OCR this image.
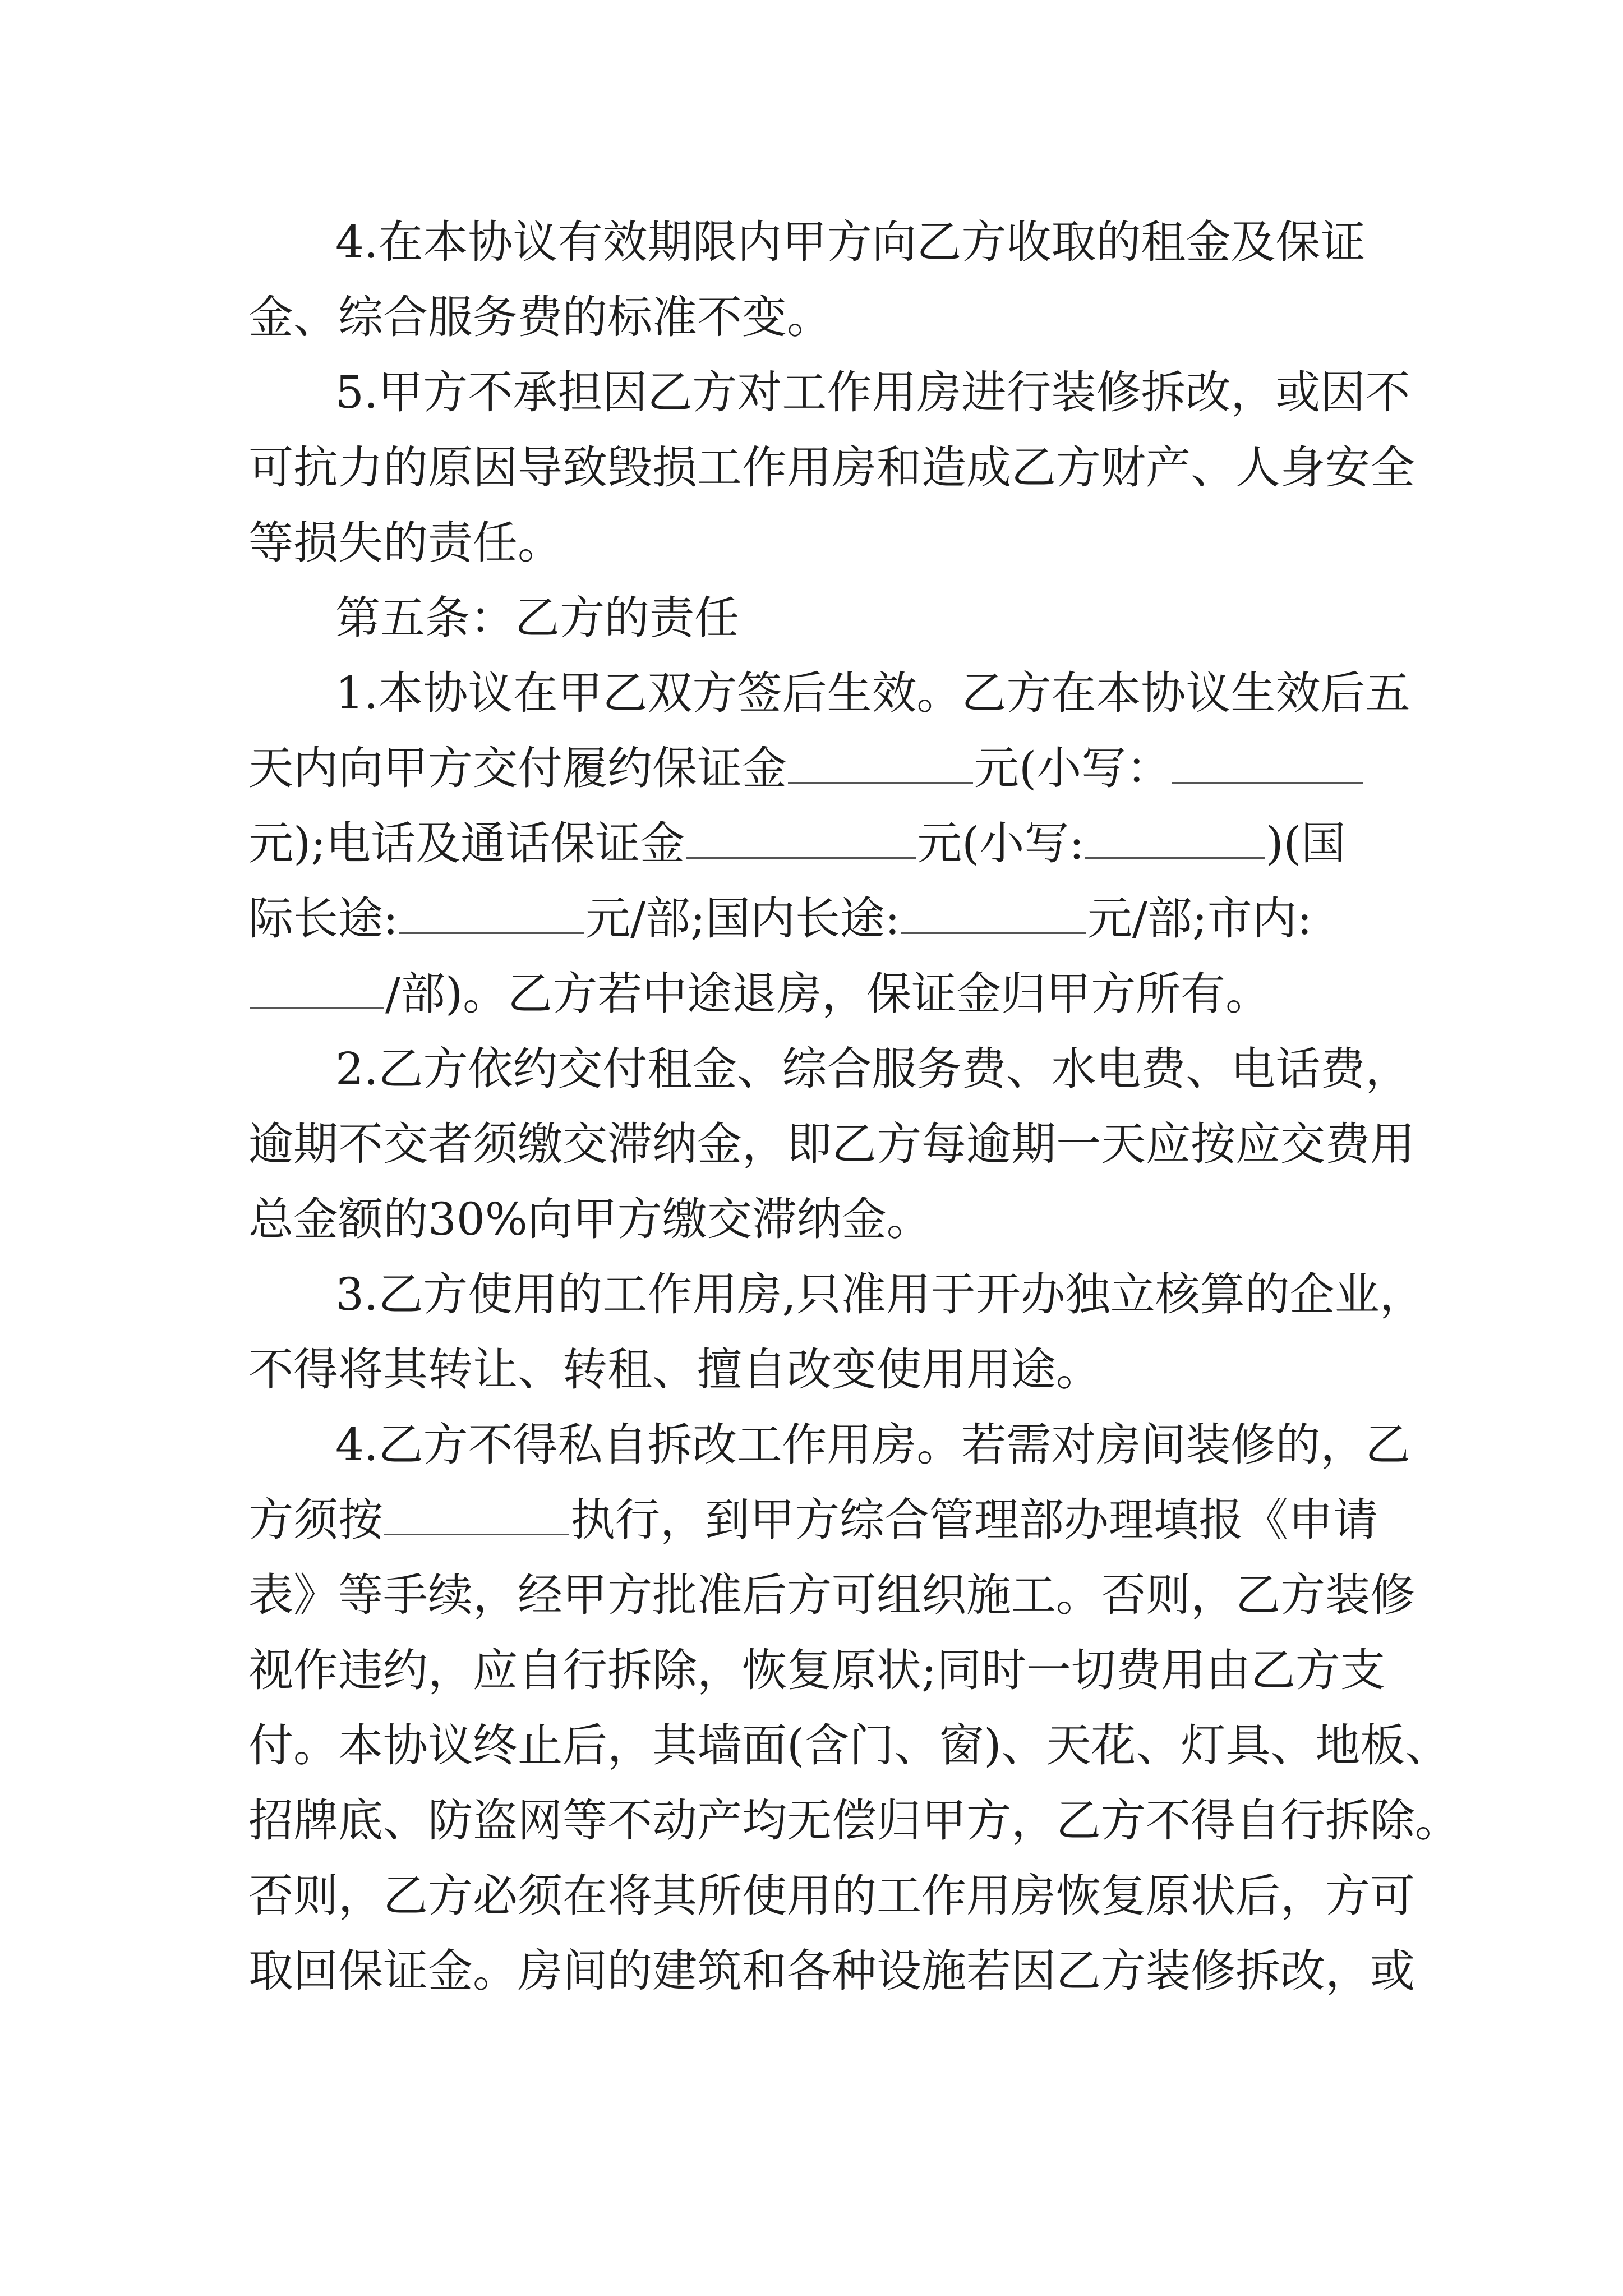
4.在本协议有效期限内甲方向乙方收取的租金及保证
金、综合服务费的标准不变。
5.甲方不承担因乙方对工作用房进行装修拆改，或因不
可抗力的原因导致毁损工作用房和造成乙方财产、人身安全
等损失的责任。
第五条：乙方的责任
1.本协议在甲乙双方签后生效。乙方在本协议生效后五
天内向甲方交付履约保证金	元(小写：
元);电话及通话保证金	元(小写:	)(国
际长途:	元/部;国内长途:	元/部;市内:
/部)。乙方若中途退房，保证金归甲方所有。
2.乙方依约交付租金、综合服务费、水电费、电话费，
逾期不交者须缴交滞纳金，即乙方每逾期一天应按应交费用
总金额的30%向甲方缴交滞纳金。
3.乙方使用的工作用房,只准用于开办独立核算的企业，
不得将其转让、转租、擅自改变使用用途。
4.乙方不得私自拆改工作用房。若需对房间装修的，乙
方须按	执行，到甲方综合管理部办理填报《申请
表》等手续，经甲方批准后方可组织施工。否则，乙方装修
视作违约，应自行拆除，恢复原状;同时一切费用由乙方支
付。本协议终止后，其墙面(含门、窗)、天花、灯具、地板、
招牌底、防盗网等不动产均无偿归甲方，乙方不得自行拆除。
否则，乙方必须在将其所使用的工作用房恢复原状后，方可
取回保证金。房间的建筑和各种设施若因乙方装修拆改，或
